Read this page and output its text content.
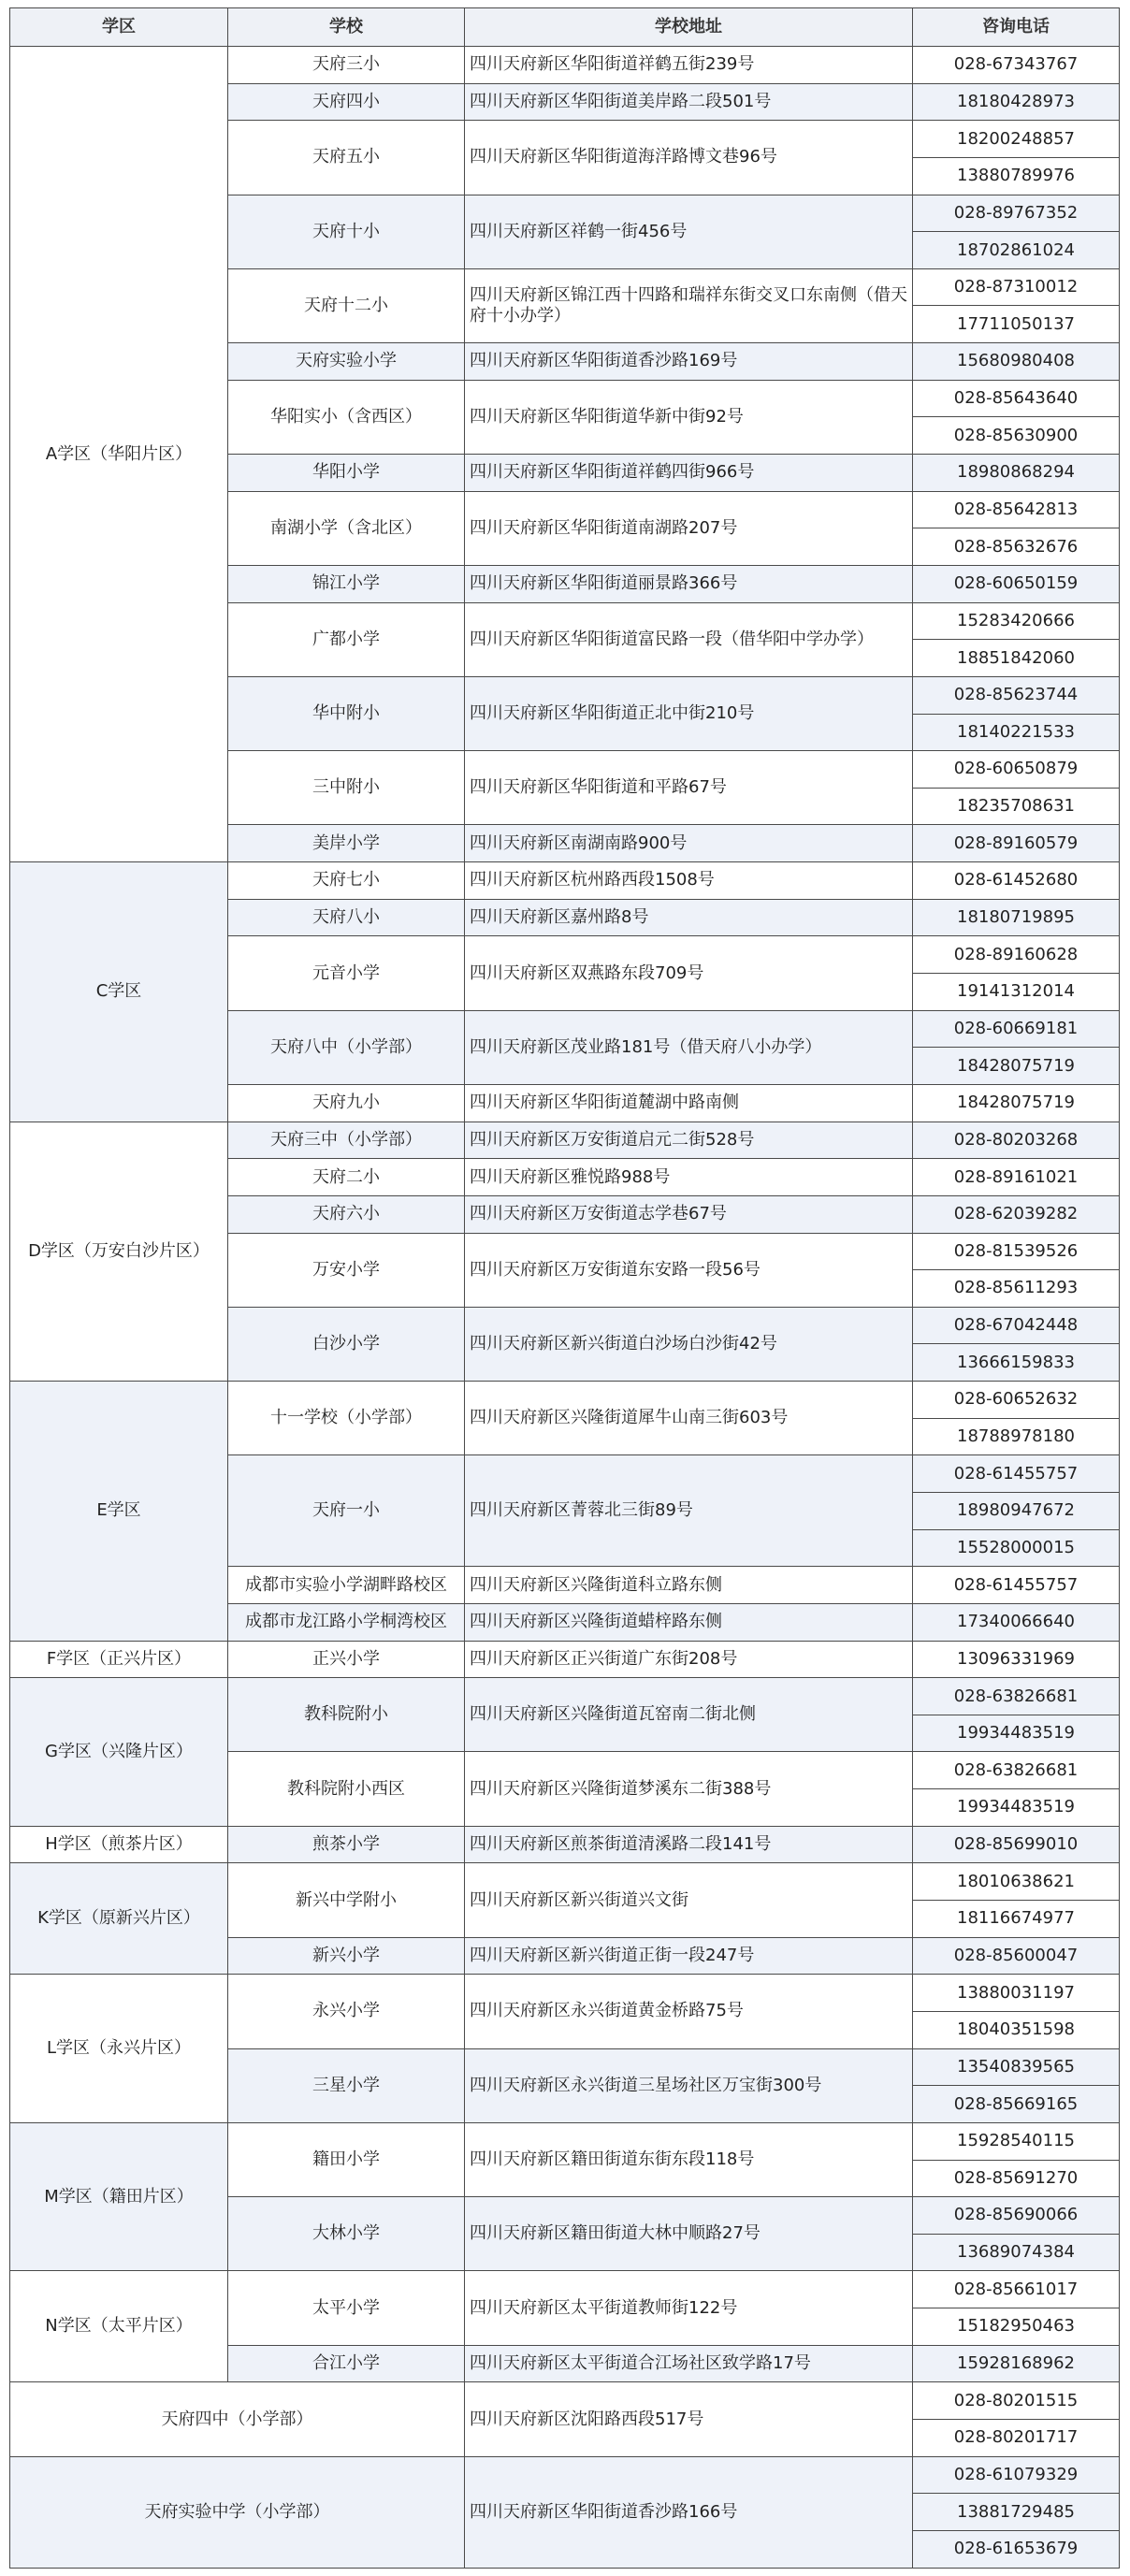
学区	学校	学校地址	咨询电话
A学区（华阳片区）	天府三小	四川天府新区华阳街道祥鹤五街239号	028-67343767
	天府四小	四川天府新区华阳街道美岸路二段501号	18180428973
	天府五小	四川天府新区华阳街道海洋路博文巷96号	18200248857
			13880789976
	天府十小	四川天府新区祥鹤一街456号	028-89767352
			18702861024
	天府十二小	四川天府新区锦江西十四路和瑞祥东街交叉口东南侧（借天府十小办学）	028-87310012
			17711050137
	天府实验小学	四川天府新区华阳街道香沙路169号	15680980408
	华阳实小（含西区）	四川天府新区华阳街道华新中街92号	028-85643640
			028-85630900
	华阳小学	四川天府新区华阳街道祥鹤四街966号	18980868294
	南湖小学（含北区）	四川天府新区华阳街道南湖路207号	028-85642813
			028-85632676
	锦江小学	四川天府新区华阳街道丽景路366号	028-60650159
	广都小学	四川天府新区华阳街道富民路一段（借华阳中学办学）	15283420666
			18851842060
	华中附小	四川天府新区华阳街道正北中街210号	028-85623744
			18140221533
	三中附小	四川天府新区华阳街道和平路67号	028-60650879
			18235708631
	美岸小学	四川天府新区南湖南路900号	028-89160579
C学区	天府七小	四川天府新区杭州路西段1508号	028-61452680
	天府八小	四川天府新区嘉州路8号	18180719895
	元音小学	四川天府新区双燕路东段709号	028-89160628
			19141312014
	天府八中（小学部）	四川天府新区茂业路181号（借天府八小办学）	028-60669181
			18428075719
	天府九小	四川天府新区华阳街道麓湖中路南侧	18428075719
D学区（万安白沙片区）	天府三中（小学部）	四川天府新区万安街道启元二街528号	028-80203268
	天府二小	四川天府新区雅悦路988号	028-89161021
	天府六小	四川天府新区万安街道志学巷67号	028-62039282
	万安小学	四川天府新区万安街道东安路一段56号	028-81539526
			028-85611293
	白沙小学	四川天府新区新兴街道白沙场白沙街42号	028-67042448
			13666159833
E学区	十一学校（小学部）	四川天府新区兴隆街道犀牛山南三街603号	028-60652632
			18788978180
	天府一小	四川天府新区菁蓉北三街89号	028-61455757
			18980947672
			15528000015
	成都市实验小学湖畔路校区	四川天府新区兴隆街道科立路东侧	028-61455757
	成都市龙江路小学桐湾校区	四川天府新区兴隆街道蜡梓路东侧	17340066640
F学区（正兴片区）	正兴小学	四川天府新区正兴街道广东街208号	13096331969
G学区（兴隆片区）	教科院附小	四川天府新区兴隆街道瓦窑南二街北侧	028-63826681
			19934483519
	教科院附小西区	四川天府新区兴隆街道梦溪东二街388号	028-63826681
			19934483519
H学区（煎茶片区）	煎茶小学	四川天府新区煎茶街道清溪路二段141号	028-85699010
K学区（原新兴片区）	新兴中学附小	四川天府新区新兴街道兴文街	18010638621
			18116674977
	新兴小学	四川天府新区新兴街道正街一段247号	028-85600047
L学区（永兴片区）	永兴小学	四川天府新区永兴街道黄金桥路75号	13880031197
			18040351598
	三星小学	四川天府新区永兴街道三星场社区万宝街300号	13540839565
			028-85669165
M学区（籍田片区）	籍田小学	四川天府新区籍田街道东街东段118号	15928540115
			028-85691270
	大林小学	四川天府新区籍田街道大林中顺路27号	028-85690066
			13689074384
N学区（太平片区）	太平小学	四川天府新区太平街道教师街122号	028-85661017
			15182950463
	合江小学	四川天府新区太平街道合江场社区致学路17号	15928168962
天府四中（小学部）		四川天府新区沈阳路西段517号	028-80201515
			028-80201717
天府实验中学（小学部）		四川天府新区华阳街道香沙路166号	028-61079329
			13881729485
			028-61653679
